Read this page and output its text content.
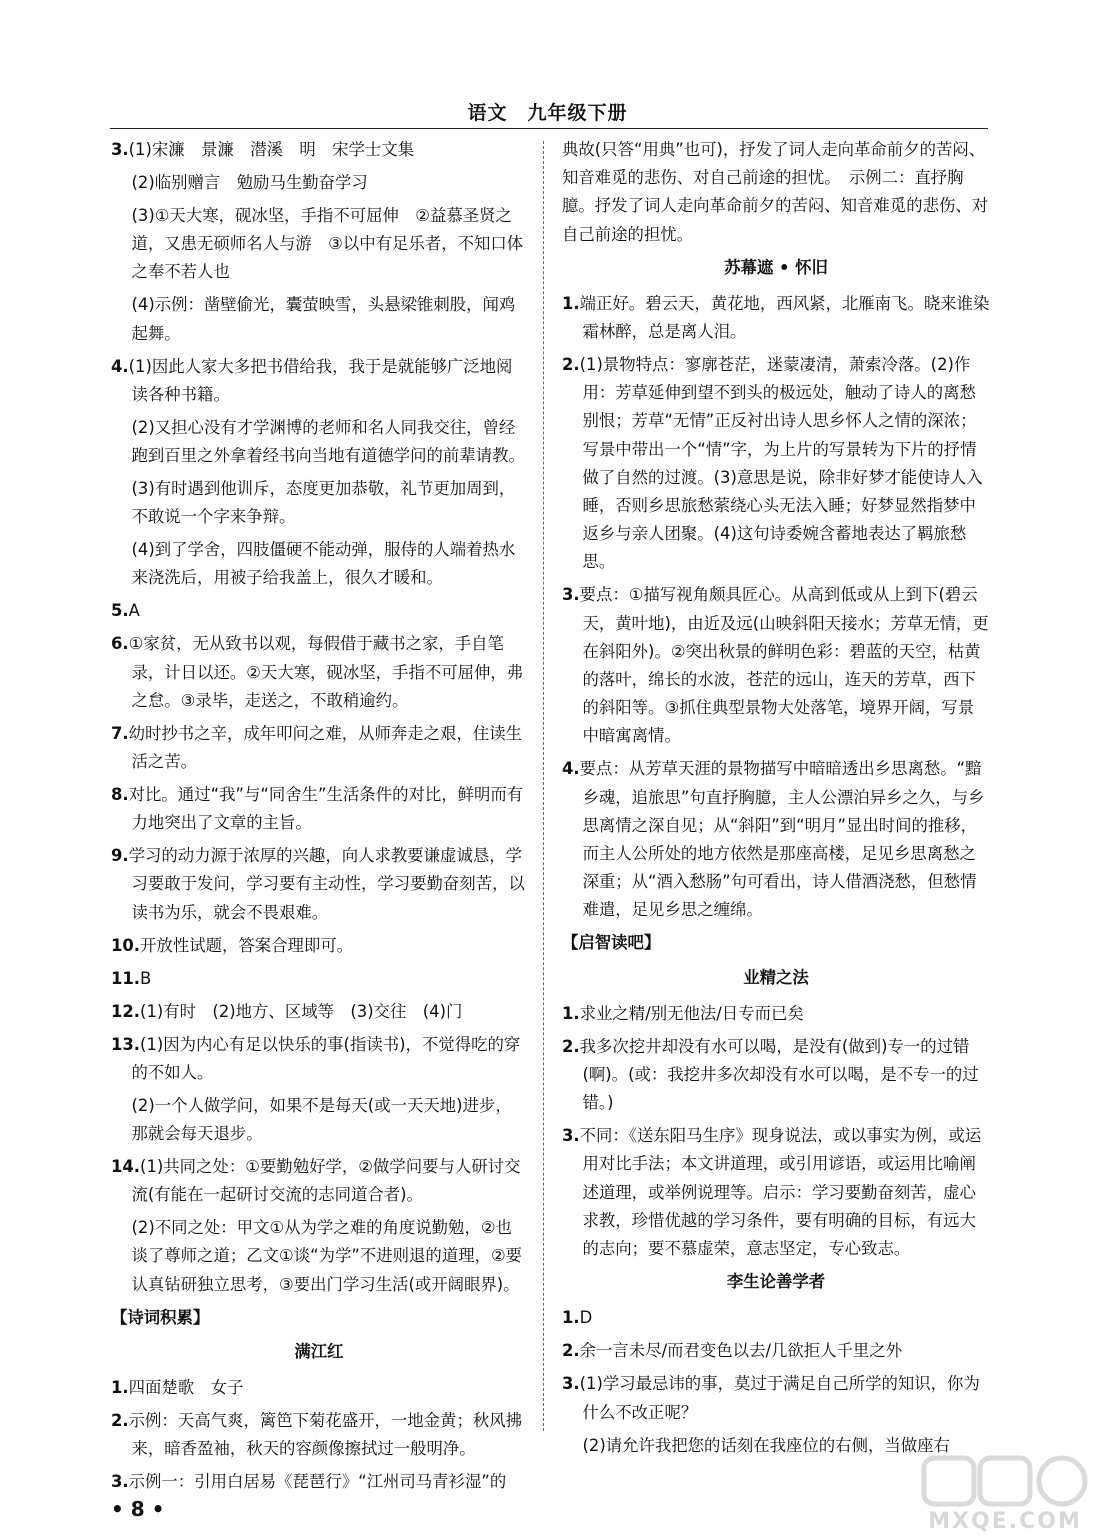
语文　九年级下册

3.(1)宋濂　景濂　潜溪　明　宋学士文集

(2)临别赠言　勉励马生勤奋学习

(3)①天大寒，砚冰坚，手指不可屈伸　②益慕圣贤之道，又患无硕师名人与游　③以中有足乐者，不知口体之奉不若人也

(4)示例：凿壁偷光，囊萤映雪，头悬梁锥刺股，闻鸡起舞。

4.(1)因此人家大多把书借给我，我于是就能够广泛地阅读各种书籍。

(2)又担心没有才学渊博的老师和名人同我交往，曾经跑到百里之外拿着经书向当地有道德学问的前辈请教。

(3)有时遇到他训斥，态度更加恭敬，礼节更加周到，不敢说一个字来争辩。

(4)到了学舍，四肢僵硬不能动弹，服侍的人端着热水来浇洗后，用被子给我盖上，很久才暖和。

5.A

6.①家贫，无从致书以观，每假借于藏书之家，手自笔录，计日以还。②天大寒，砚冰坚，手指不可屈伸，弗之怠。③录毕，走送之，不敢稍逾约。

7.幼时抄书之辛，成年叩问之难，从师奔走之艰，住读生活之苦。

8.对比。通过“我”与“同舍生”生活条件的对比，鲜明而有力地突出了文章的主旨。

9.学习的动力源于浓厚的兴趣，向人求教要谦虚诚恳，学习要敢于发问，学习要有主动性，学习要勤奋刻苦，以读书为乐，就会不畏艰难。

10.开放性试题，答案合理即可。

11.B

12.(1)有时　(2)地方、区域等　(3)交往　(4)门

13.(1)因为内心有足以快乐的事(指读书)，不觉得吃的穿的不如人。

(2)一个人做学问，如果不是每天(或一天天地)进步，那就会每天退步。

14.(1)共同之处：①要勤勉好学，②做学问要与人研讨交流(有能在一起研讨交流的志同道合者)。

(2)不同之处：甲文①从为学之难的角度说勤勉，②也谈了尊师之道；乙文①谈“为学”不进则退的道理，②要认真钻研独立思考，③要出门学习生活(或开阔眼界)。

【诗词积累】

满江红

1.四面楚歌　女子

2.示例：天高气爽，篱笆下菊花盛开，一地金黄；秋风拂来，暗香盈袖，秋天的容颜像擦拭过一般明净。

3.示例一：引用白居易《琵琶行》“江州司马青衫湿”的

典故(只答“用典”也可)，抒发了词人走向革命前夕的苦闷、知音难觅的悲伤、对自己前途的担忧。　示例二：直抒胸臆。抒发了词人走向革命前夕的苦闷、知音难觅的悲伤、对自己前途的担忧。

苏幕遮 • 怀旧

1.端正好。碧云天，黄花地，西风紧，北雁南飞。晓来谁染霜林醉，总是离人泪。

2.(1)景物特点：寥廓苍茫，迷蒙凄清，萧索冷落。(2)作用：芳草延伸到望不到头的极远处，触动了诗人的离愁别恨；芳草“无情”正反衬出诗人思乡怀人之情的深浓；写景中带出一个“情”字，为上片的写景转为下片的抒情做了自然的过渡。(3)意思是说，除非好梦才能使诗人入睡，否则乡思旅愁萦绕心头无法入睡；好梦显然指梦中返乡与亲人团聚。(4)这句诗委婉含蓄地表达了羁旅愁思。

3.要点：①描写视角颇具匠心。从高到低或从上到下(碧云天，黄叶地)，由近及远(山映斜阳天接水；芳草无情，更在斜阳外)。②突出秋景的鲜明色彩：碧蓝的天空，枯黄的落叶，绵长的水波，苍茫的远山，连天的芳草，西下的斜阳等。③抓住典型景物大处落笔，境界开阔，写景中暗寓离情。

4.要点：从芳草天涯的景物描写中暗暗透出乡思离愁。“黯乡魂，追旅思”句直抒胸臆，主人公漂泊异乡之久，与乡思离情之深自见；从“斜阳”到“明月”显出时间的推移，而主人公所处的地方依然是那座高楼，足见乡思离愁之深重；从“酒入愁肠”句可看出，诗人借酒浇愁，但愁情难遣，足见乡思之缠绵。

【启智读吧】

业精之法

1.求业之精/别无他法/日专而已矣

2.我多次挖井却没有水可以喝，是没有(做到)专一的过错(啊)。(或：我挖井多次却没有水可以喝，是不专一的过错。)

3.不同：《送东阳马生序》现身说法，或以事实为例，或运用对比手法；本文讲道理，或引用谚语，或运用比喻阐述道理，或举例说理等。启示：学习要勤奋刻苦，虚心求教，珍惜优越的学习条件，要有明确的目标，有远大的志向；要不慕虚荣，意志坚定，专心致志。

李生论善学者

1.D

2.余一言未尽/而君变色以去/几欲拒人千里之外

3.(1)学习最忌讳的事，莫过于满足自己所学的知识，你为什么不改正呢？

(2)请允许我把您的话刻在我座位的右侧，当做座右

• 8 •	MXQE.COM
